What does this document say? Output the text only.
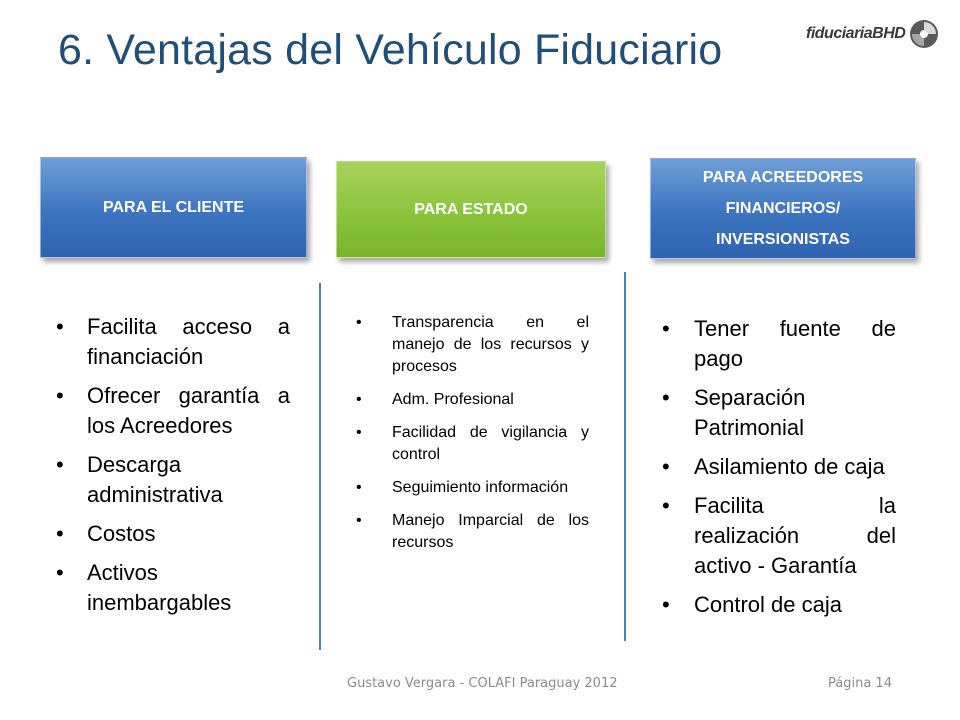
6. Ventajas del Vehículo Fiduciario	fiduciariaBHD
PARA EL CLIENTE	PARA ESTADO
PARA ACREEDORES
FINANCIEROS/
INVERSIONISTAS
• Facilita acceso a financiación
• Ofrecer garantía a los Acreedores
• Descarga administrativa
• Costos
• Activos inembargables
• Transparencia en el manejo de los recursos y procesos
• Adm. Profesional
• Facilidad de vigilancia y control
• Seguimiento información
• Manejo Imparcial de los recursos
• Tener fuente de pago
• Separación Patrimonial
• Asilamiento de caja
• Facilita la realización del activo - Garantía
• Control de caja
Gustavo Vergara - COLAFI Paraguay 2012	Página 14
